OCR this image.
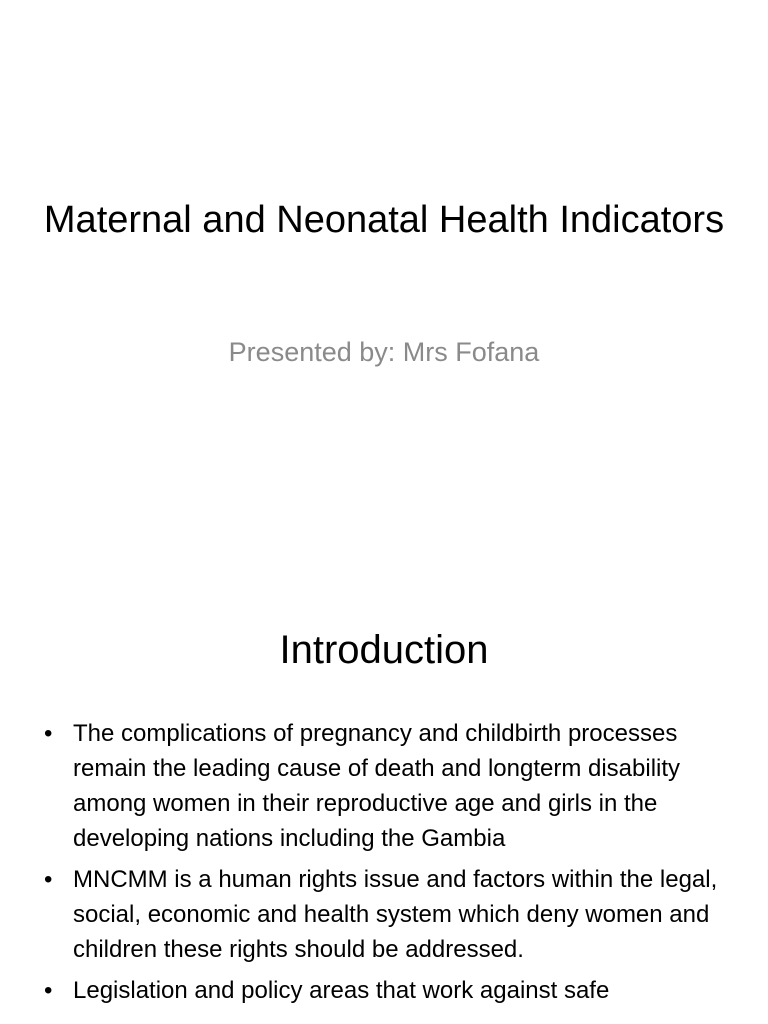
Maternal and Neonatal Health Indicators

Presented by: Mrs Fofana

Introduction
• The complications of pregnancy and childbirth processes remain the leading cause of death and longterm disability among women in their reproductive age and girls in the developing nations including the Gambia
• MNCMM is a human rights issue and factors within the legal, social, economic and health system which deny women and children these rights should be addressed.
• Legislation and policy areas that work against safe
